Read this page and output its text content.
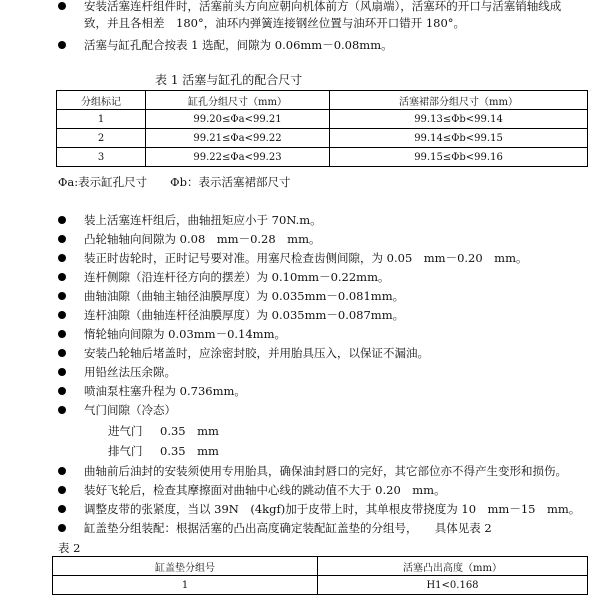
安装活塞连杆组件时，活塞前头方向应朝向机体前方（风扇端），活塞环的开口与活塞销轴线成
致，并且各相差　180°，油环内弹簧连接钢丝位置与油环开口错开 180°。
活塞与缸孔配合按表 1 选配，间隙为 0.06mm－0.08mm。
表 1 活塞与缸孔的配合尺寸
分组标记	缸孔分组尺寸（mm）	活塞裙部分组尺寸（mm）
1	99.20≤Φa<99.21	99.13≤Φb<99.14
2	99.21≤Φa<99.22	99.14≤Φb<99.15
3	99.22≤Φa<99.23	99.15≤Φb<99.16
Φa:表示缸孔尺寸　　Φb：表示活塞裙部尺寸
装上活塞连杆组后，曲轴扭矩应小于 70N.m。
凸轮轴轴向间隙为 0.08　mm－0.28　mm。
装正时齿轮时，正时记号要对准。用塞尺检查齿侧间隙，为 0.05　mm－0.20　mm。
连杆侧隙（沿连杆径方向的摆差）为 0.10mm－0.22mm。
曲轴油隙（曲轴主轴径油膜厚度）为 0.035mm－0.081mm。
连杆油隙（曲轴连杆径油膜厚度）为 0.035mm－0.087mm。
惰轮轴向间隙为 0.03mm－0.14mm。
安装凸轮轴后堵盖时，应涂密封胶，并用胎具压入，以保证不漏油。
用铅丝法压余隙。
喷油泵柱塞升程为 0.736mm。
气门间隙（冷态）
进气门 0.35　mm
排气门 0.35　mm
曲轴前后油封的安装须使用专用胎具，确保油封唇口的完好，其它部位亦不得产生变形和损伤。
装好飞轮后，检查其摩擦面对曲轴中心线的跳动值不大于 0.20　mm。
调整皮带的张紧度，当以 39N　(4kgf)加于皮带上时，其单根皮带挠度为 10　mm－15　mm。
缸盖垫分组装配：根据活塞的凸出高度确定装配缸盖垫的分组号，　　具体见表 2
表 2
缸盖垫分组号	活塞凸出高度（mm）
1	H1<0.168
